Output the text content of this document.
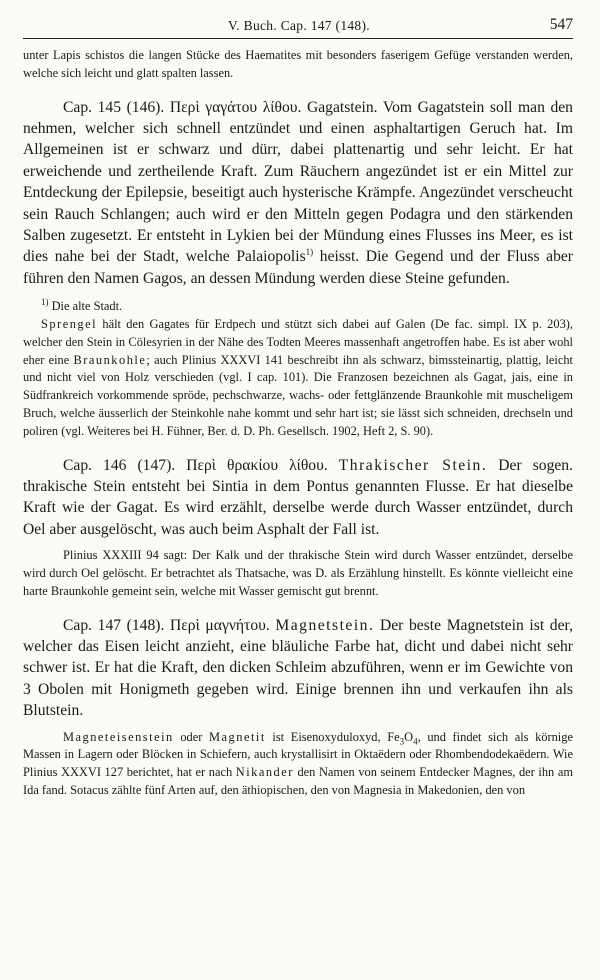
V. Buch. Cap. 147 (148).	547

unter Lapis schistos die langen Stücke des Haematites mit besonders faserigem Gefüge verstanden werden, welche sich leicht und glatt spalten lassen.

Cap. 145 (146). Περὶ γαγάτου λίθου. Gagatstein. Vom Gagatstein soll man den nehmen, welcher sich schnell entzündet und einen asphaltartigen Geruch hat. Im Allgemeinen ist er schwarz und dürr, dabei plattenartig und sehr leicht. Er hat erweichende und zertheilende Kraft. Zum Räuchern angezündet ist er ein Mittel zur Entdeckung der Epilepsie, beseitigt auch hysterische Krämpfe. Angezündet verscheucht sein Rauch Schlangen; auch wird er den Mitteln gegen Podagra und den stärkenden Salben zugesetzt. Er entsteht in Lykien bei der Mündung eines Flusses ins Meer, es ist dies nahe bei der Stadt, welche Palaiopolis$^{1)}$ heisst. Die Gegend und der Fluss aber führen den Namen Gagos, an dessen Mündung werden diese Steine gefunden.

$^{1)}$ Die alte Stadt.

Sprengel hält den Gagates für Erdpech und stützt sich dabei auf Galen (De fac. simpl. IX p. 203), welcher den Stein in Cölesyrien in der Nähe des Todten Meeres massenhaft angetroffen habe. Es ist aber wohl eher eine Braunkohle; auch Plinius XXXVI 141 beschreibt ihn als schwarz, bimssteinartig, plattig, leicht und nicht viel von Holz verschieden (vgl. I cap. 101). Die Franzosen bezeichnen als Gagat, jais, eine in Südfrankreich vorkommende spröde, pechschwarze, wachs- oder fettglänzende Braunkohle mit muscheligem Bruch, welche äusserlich der Steinkohle nahe kommt und sehr hart ist; sie lässt sich schneiden, drechseln und poliren (vgl. Weiteres bei H. Fühner, Ber. d. D. Ph. Gesellsch. 1902, Heft 2, S. 90).

Cap. 146 (147). Περὶ θρακίου λίθου. Thrakischer Stein. Der sogen. thrakische Stein entsteht bei Sintia in dem Pontus genannten Flusse. Er hat dieselbe Kraft wie der Gagat. Es wird erzählt, derselbe werde durch Wasser entzündet, durch Oel aber ausgelöscht, was auch beim Asphalt der Fall ist.

Plinius XXXIII 94 sagt: Der Kalk und der thrakische Stein wird durch Wasser entzündet, derselbe wird durch Oel gelöscht. Er betrachtet als Thatsache, was D. als Erzählung hinstellt. Es könnte vielleicht eine harte Braunkohle gemeint sein, welche mit Wasser gemischt gut brennt.

Cap. 147 (148). Περὶ μαγνήτου. Magnetstein. Der beste Magnetstein ist der, welcher das Eisen leicht anzieht, eine bläuliche Farbe hat, dicht und dabei nicht sehr schwer ist. Er hat die Kraft, den dicken Schleim abzuführen, wenn er im Gewichte von 3 Obolen mit Honigmeth gegeben wird. Einige brennen ihn und verkaufen ihn als Blutstein.

Magneteisenstein oder Magnetit ist Eisenoxyduloxyd, $Fe_3O_4$, und findet sich als körnige Massen in Lagern oder Blöcken in Schiefern, auch krystallisirt in Oktaëdern oder Rhombendodekaëdern. Wie Plinius XXXVI 127 berichtet, hat er nach Nikander den Namen von seinem Entdecker Magnes, der ihn am Ida fand. Sotacus zählte fünf Arten auf, den äthiopischen, den von Magnesia in Makedonien, den von
